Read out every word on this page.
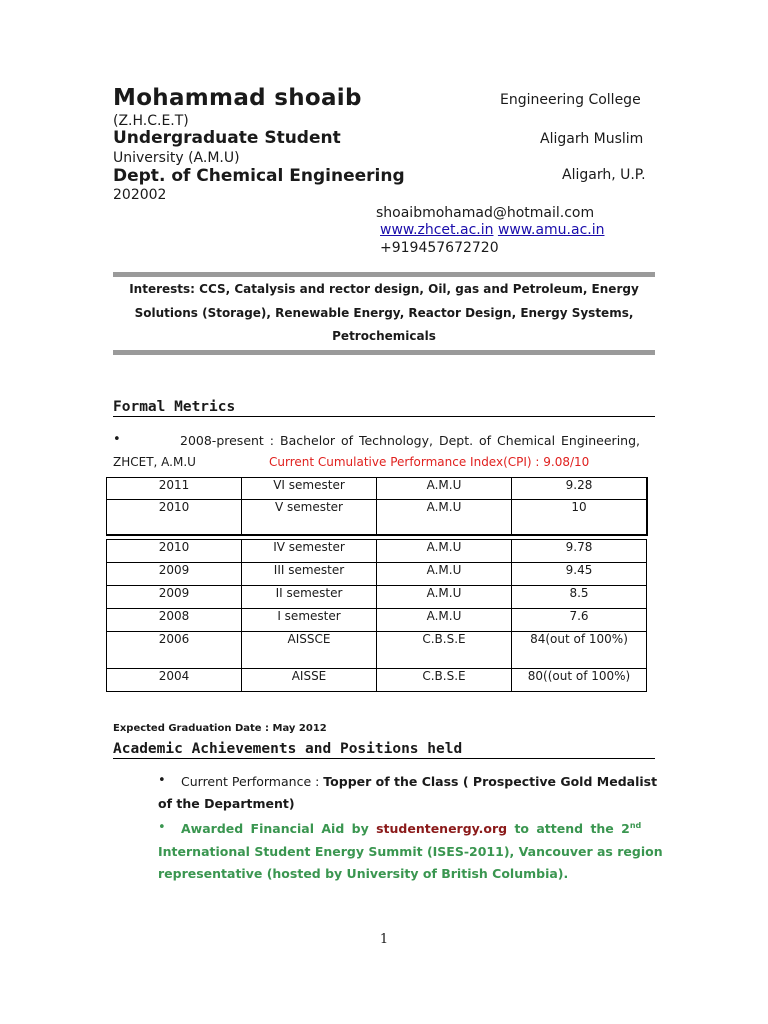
Mohammad shoaib	Engineering College
(Z.H.C.E.T)
Undergraduate Student	Aligarh Muslim
University (A.M.U)
Dept. of Chemical Engineering	Aligarh, U.P.
202002
shoaibmohamad@hotmail.com
www.zhcet.ac.in www.amu.ac.in
+919457672720
Interests: CCS, Catalysis and rector design, Oil, gas and Petroleum, Energy
Solutions (Storage), Renewable Energy, Reactor Design, Energy Systems,
Petrochemicals
Formal Metrics
•	2008-present : Bachelor of Technology, Dept. of Chemical Engineering,
ZHCET, A.M.U	Current Cumulative Performance Index(CPI) : 9.08/10
2011	VI semester	A.M.U	9.28
2010	V semester	A.M.U	10
2010	IV semester	A.M.U	9.78
2009	III semester	A.M.U	9.45
2009	II semester	A.M.U	8.5
2008	I semester	A.M.U	7.6
2006	AISSCE	C.B.S.E	84(out of 100%)
2004	AISSE	C.B.S.E	80((out of 100%)
Expected Graduation Date : May 2012
Academic Achievements and Positions held
• Current Performance : Topper of the Class ( Prospective Gold Medalist
of the Department)
• Awarded Financial Aid by studentenergy.org to attend the 2nd
International Student Energy Summit (ISES-2011), Vancouver as region
representative (hosted by University of British Columbia).
1
